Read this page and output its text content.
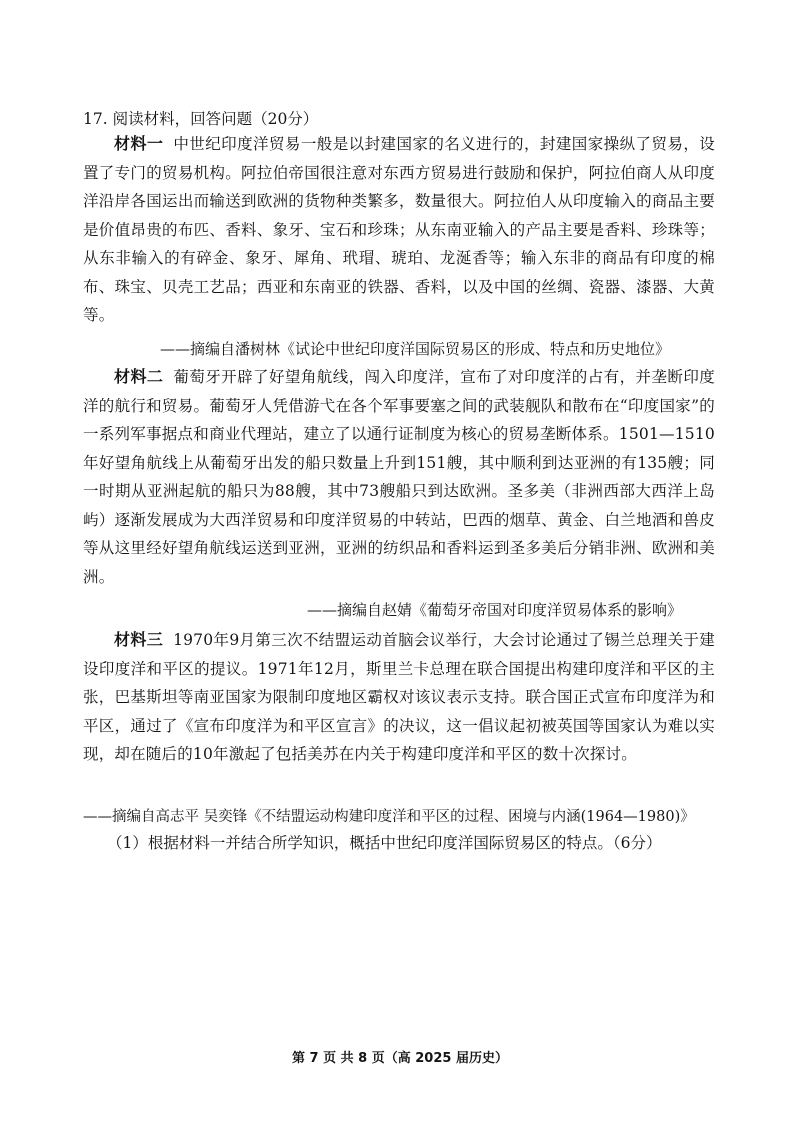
17. 阅读材料，回答问题（20分）
材料一 中世纪印度洋贸易一般是以封建国家的名义进行的，封建国家操纵了贸易，设置了专门的贸易机构。阿拉伯帝国很注意对东西方贸易进行鼓励和保护，阿拉伯商人从印度洋沿岸各国运出而输送到欧洲的货物种类繁多，数量很大。阿拉伯人从印度输入的商品主要是价值昂贵的布匹、香料、象牙、宝石和珍珠；从东南亚输入的产品主要是香料、珍珠等；从东非输入的有碎金、象牙、犀角、玳瑁、琥珀、龙涎香等；输入东非的商品有印度的棉布、珠宝、贝壳工艺品；西亚和东南亚的铁器、香料，以及中国的丝绸、瓷器、漆器、大黄等。
——摘编自潘树林《试论中世纪印度洋国际贸易区的形成、特点和历史地位》
材料二 葡萄牙开辟了好望角航线，闯入印度洋，宣布了对印度洋的占有，并垄断印度洋的航行和贸易。葡萄牙人凭借游弋在各个军事要塞之间的武装舰队和散布在“印度国家”的一系列军事据点和商业代理站，建立了以通行证制度为核心的贸易垄断体系。1501—1510年好望角航线上从葡萄牙出发的船只数量上升到151艘，其中顺利到达亚洲的有135艘；同一时期从亚洲起航的船只为88艘，其中73艘船只到达欧洲。圣多美（非洲西部大西洋上岛屿）逐渐发展成为大西洋贸易和印度洋贸易的中转站，巴西的烟草、黄金、白兰地酒和兽皮等从这里经好望角航线运送到亚洲，亚洲的纺织品和香料运到圣多美后分销非洲、欧洲和美洲。
——摘编自赵婧《葡萄牙帝国对印度洋贸易体系的影响》
材料三 1970年9月第三次不结盟运动首脑会议举行，大会讨论通过了锡兰总理关于建设印度洋和平区的提议。1971年12月，斯里兰卡总理在联合国提出构建印度洋和平区的主张，巴基斯坦等南亚国家为限制印度地区霸权对该议表示支持。联合国正式宣布印度洋为和平区，通过了《宣布印度洋为和平区宣言》的决议，这一倡议起初被英国等国家认为难以实现，却在随后的10年激起了包括美苏在内关于构建印度洋和平区的数十次探讨。
——摘编自高志平 吴奕锋《不结盟运动构建印度洋和平区的过程、困境与内涵(1964—1980)》
（1）根据材料一并结合所学知识，概括中世纪印度洋国际贸易区的特点。（6分）
第 7 页 共 8 页（高 2025 届历史）
